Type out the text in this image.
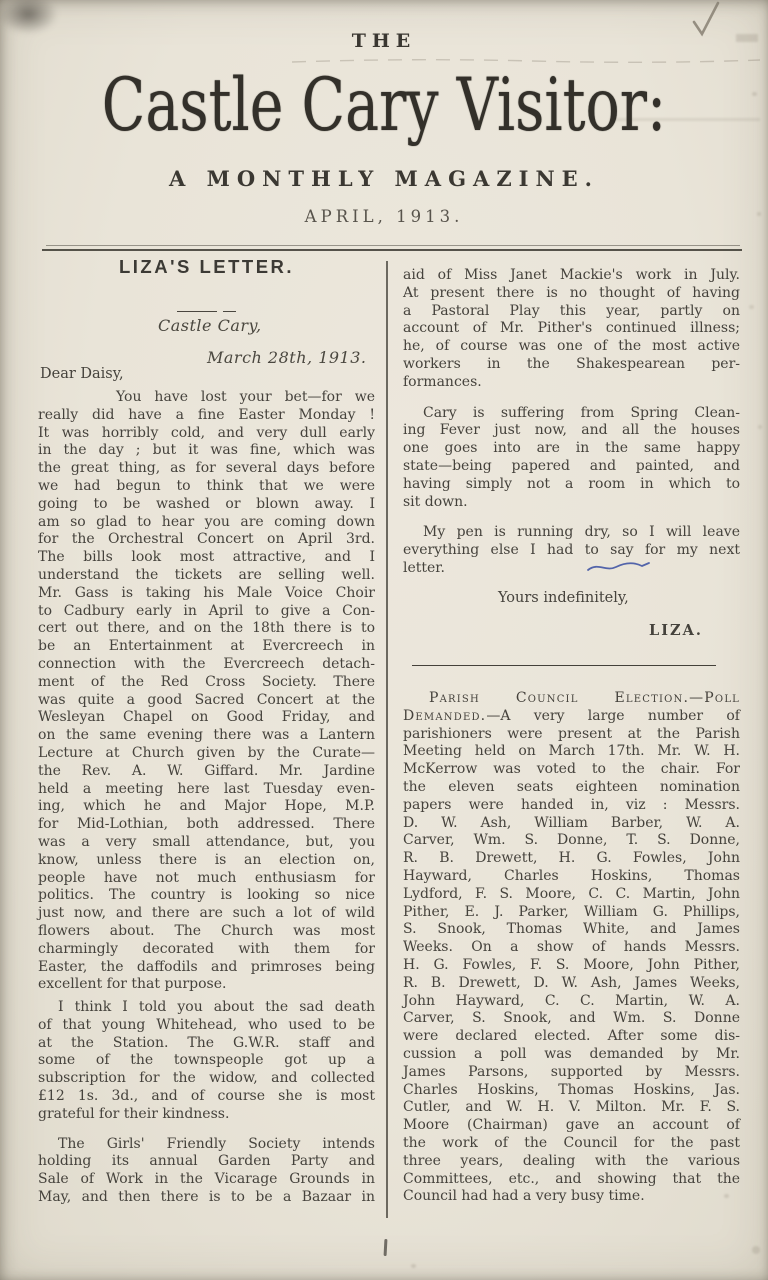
THE
Castle Cary Visitor:
A MONTHLY MAGAZINE.
APRIL, 1913.
LIZA'S LETTER.
Castle Cary,
March 28th, 1913.
Dear Daisy,
You have lost your bet—for we
really did have a fine Easter Monday !
It was horribly cold, and very dull early
in the day ; but it was fine, which was
the great thing, as for several days before
we had begun to think that we were
going to be washed or blown away. I
am so glad to hear you are coming down
for the Orchestral Concert on April 3rd.
The bills look most attractive, and I
understand the tickets are selling well.
Mr. Gass is taking his Male Voice Choir
to Cadbury early in April to give a Con-
cert out there, and on the 18th there is to
be an Entertainment at Evercreech in
connection with the Evercreech detach-
ment of the Red Cross Society. There
was quite a good Sacred Concert at the
Wesleyan Chapel on Good Friday, and
on the same evening there was a Lantern
Lecture at Church given by the Curate—
the Rev. A. W. Giffard. Mr. Jardine
held a meeting here last Tuesday even-
ing, which he and Major Hope, M.P.
for Mid-Lothian, both addressed. There
was a very small attendance, but, you
know, unless there is an election on,
people have not much enthusiasm for
politics. The country is looking so nice
just now, and there are such a lot of wild
flowers about. The Church was most
charmingly decorated with them for
Easter, the daffodils and primroses being
excellent for that purpose.
I think I told you about the sad death
of that young Whitehead, who used to be
at the Station. The G.W.R. staff and
some of the townspeople got up a
subscription for the widow, and collected
£12 1s. 3d., and of course she is most
grateful for their kindness.
The Girls' Friendly Society intends
holding its annual Garden Party and
Sale of Work in the Vicarage Grounds in
May, and then there is to be a Bazaar in
aid of Miss Janet Mackie's work in July.
At present there is no thought of having
a Pastoral Play this year, partly on
account of Mr. Pither's continued illness;
he, of course was one of the most active
workers in the Shakespearean per-
formances.
Cary is suffering from Spring Clean-
ing Fever just now, and all the houses
one goes into are in the same happy
state—being papered and painted, and
having simply not a room in which to
sit down.
My pen is running dry, so I will leave
everything else I had to say for my next
letter.
Yours indefinitely,
LIZA.
Parish Council Election.—Poll
Demanded.—A very large number of
parishioners were present at the Parish
Meeting held on March 17th. Mr. W. H.
McKerrow was voted to the chair. For
the eleven seats eighteen nomination
papers were handed in, viz : Messrs.
D. W. Ash, William Barber, W. A.
Carver, Wm. S. Donne, T. S. Donne,
R. B. Drewett, H. G. Fowles, John
Hayward, Charles Hoskins, Thomas
Lydford, F. S. Moore, C. C. Martin, John
Pither, E. J. Parker, William G. Phillips,
S. Snook, Thomas White, and James
Weeks. On a show of hands Messrs.
H. G. Fowles, F. S. Moore, John Pither,
R. B. Drewett, D. W. Ash, James Weeks,
John Hayward, C. C. Martin, W. A.
Carver, S. Snook, and Wm. S. Donne
were declared elected. After some dis-
cussion a poll was demanded by Mr.
James Parsons, supported by Messrs.
Charles Hoskins, Thomas Hoskins, Jas.
Cutler, and W. H. V. Milton. Mr. F. S.
Moore (Chairman) gave an account of
the work of the Council for the past
three years, dealing with the various
Committees, etc., and showing that the
Council had had a very busy time.
